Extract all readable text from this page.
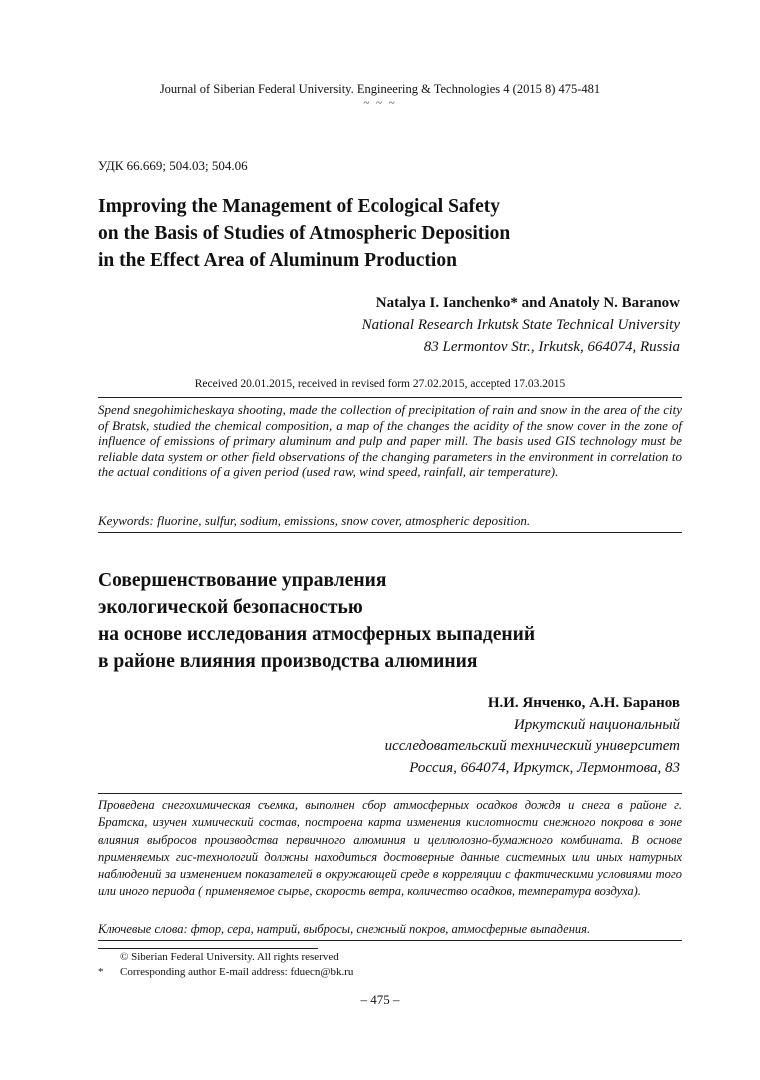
Journal of Siberian Federal University. Engineering & Technologies 4 (2015 8) 475-481
~ ~ ~
УДК 66.669; 504.03; 504.06
Improving the Management of Ecological Safety
on the Basis of Studies of Atmospheric Deposition
in the Effect Area of Aluminum Production
Natalya I. Ianchenko* and Anatoly N. Baranow
National Research Irkutsk State Technical University
83 Lermontov Str., Irkutsk, 664074, Russia
Received 20.01.2015, received in revised form 27.02.2015, accepted 17.03.2015
Spend snegohimicheskaya shooting, made the collection of precipitation of rain and snow in the area of the city of Bratsk, studied the chemical composition, a map of the changes the acidity of the snow cover in the zone of influence of emissions of primary aluminum and pulp and paper mill. The basis used GIS technology must be reliable data system or other field observations of the changing parameters in the environment in correlation to the actual conditions of a given period (used raw, wind speed, rainfall, air temperature).
Keywords: fluorine, sulfur, sodium, emissions, snow cover, atmospheric deposition.
Совершенствование управления
экологической безопасностью
на основе исследования атмосферных выпадений
в районе влияния производства алюминия
Н.И. Янченко, А.Н. Баранов
Иркутский национальный
исследовательский технический университет
Россия, 664074, Иркутск, Лермонтова, 83
Проведена снегохимическая съемка, выполнен сбор атмосферных осадков дождя и снега в районе г. Братска, изучен химический состав, построена карта изменения кислотности снежного покрова в зоне влияния выбросов производства первичного алюминия и целлюлозно-бумажного комбината. В основе применяемых гис-технологий должны находиться достоверные данные системных или иных натурных наблюдений за изменением показателей в окружающей среде в корреляции с фактическими условиями того или иного периода ( применяемое сырье, скорость ветра, количество осадков, температура воздуха).
Ключевые слова: фтор, сера, натрий, выбросы, снежный покров, атмосферные выпадения.
© Siberian Federal University. All rights reserved
* Corresponding author E-mail address: fduecn@bk.ru
– 475 –
